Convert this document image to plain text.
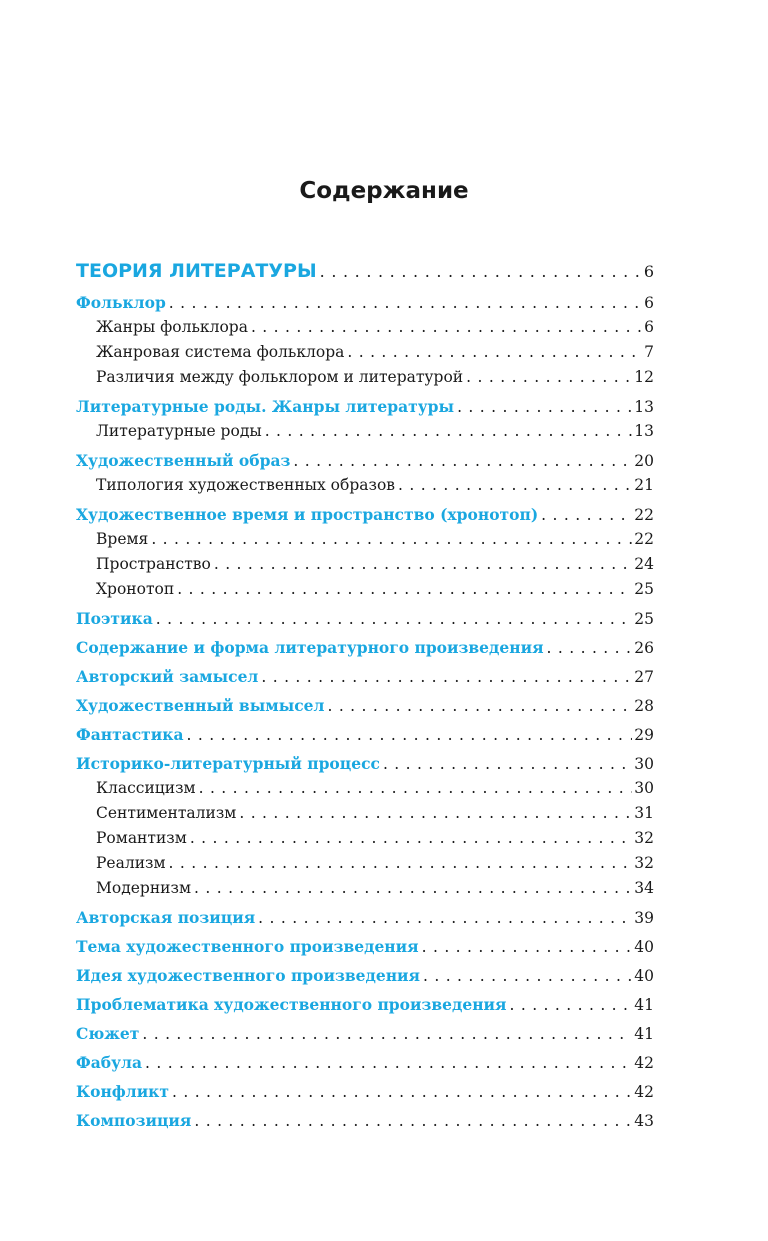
Содержание
ТЕОРИЯ ЛИТЕРАТУРЫ . . .	6
Фольклор . . .	6
Жанры фольклора . . .	6
Жанровая система фольклора . . .	7
Различия между фольклором и литературой . . .	12
Литературные роды. Жанры литературы . . .	13
Литературные роды . . .	13
Художественный образ . . .	20
Типология художественных образов . . .	21
Художественное время и пространство (хронотоп) . . .	22
Время . . .	22
Пространство . . .	24
Хронотоп . . .	25
Поэтика . . .	25
Содержание и форма литературного произведения . . .	26
Авторский замысел . . .	27
Художественный вымысел . . .	28
Фантастика . . .	29
Историко-литературный процесс . . .	30
Классицизм . . .	30
Сентиментализм . . .	31
Романтизм . . .	32
Реализм . . .	32
Модернизм . . .	34
Авторская позиция . . .	39
Тема художественного произведения . . .	40
Идея художественного произведения . . .	40
Проблематика художественного произведения . . .	41
Сюжет . . .	41
Фабула . . .	42
Конфликт . . .	42
Композиция . . .	43
